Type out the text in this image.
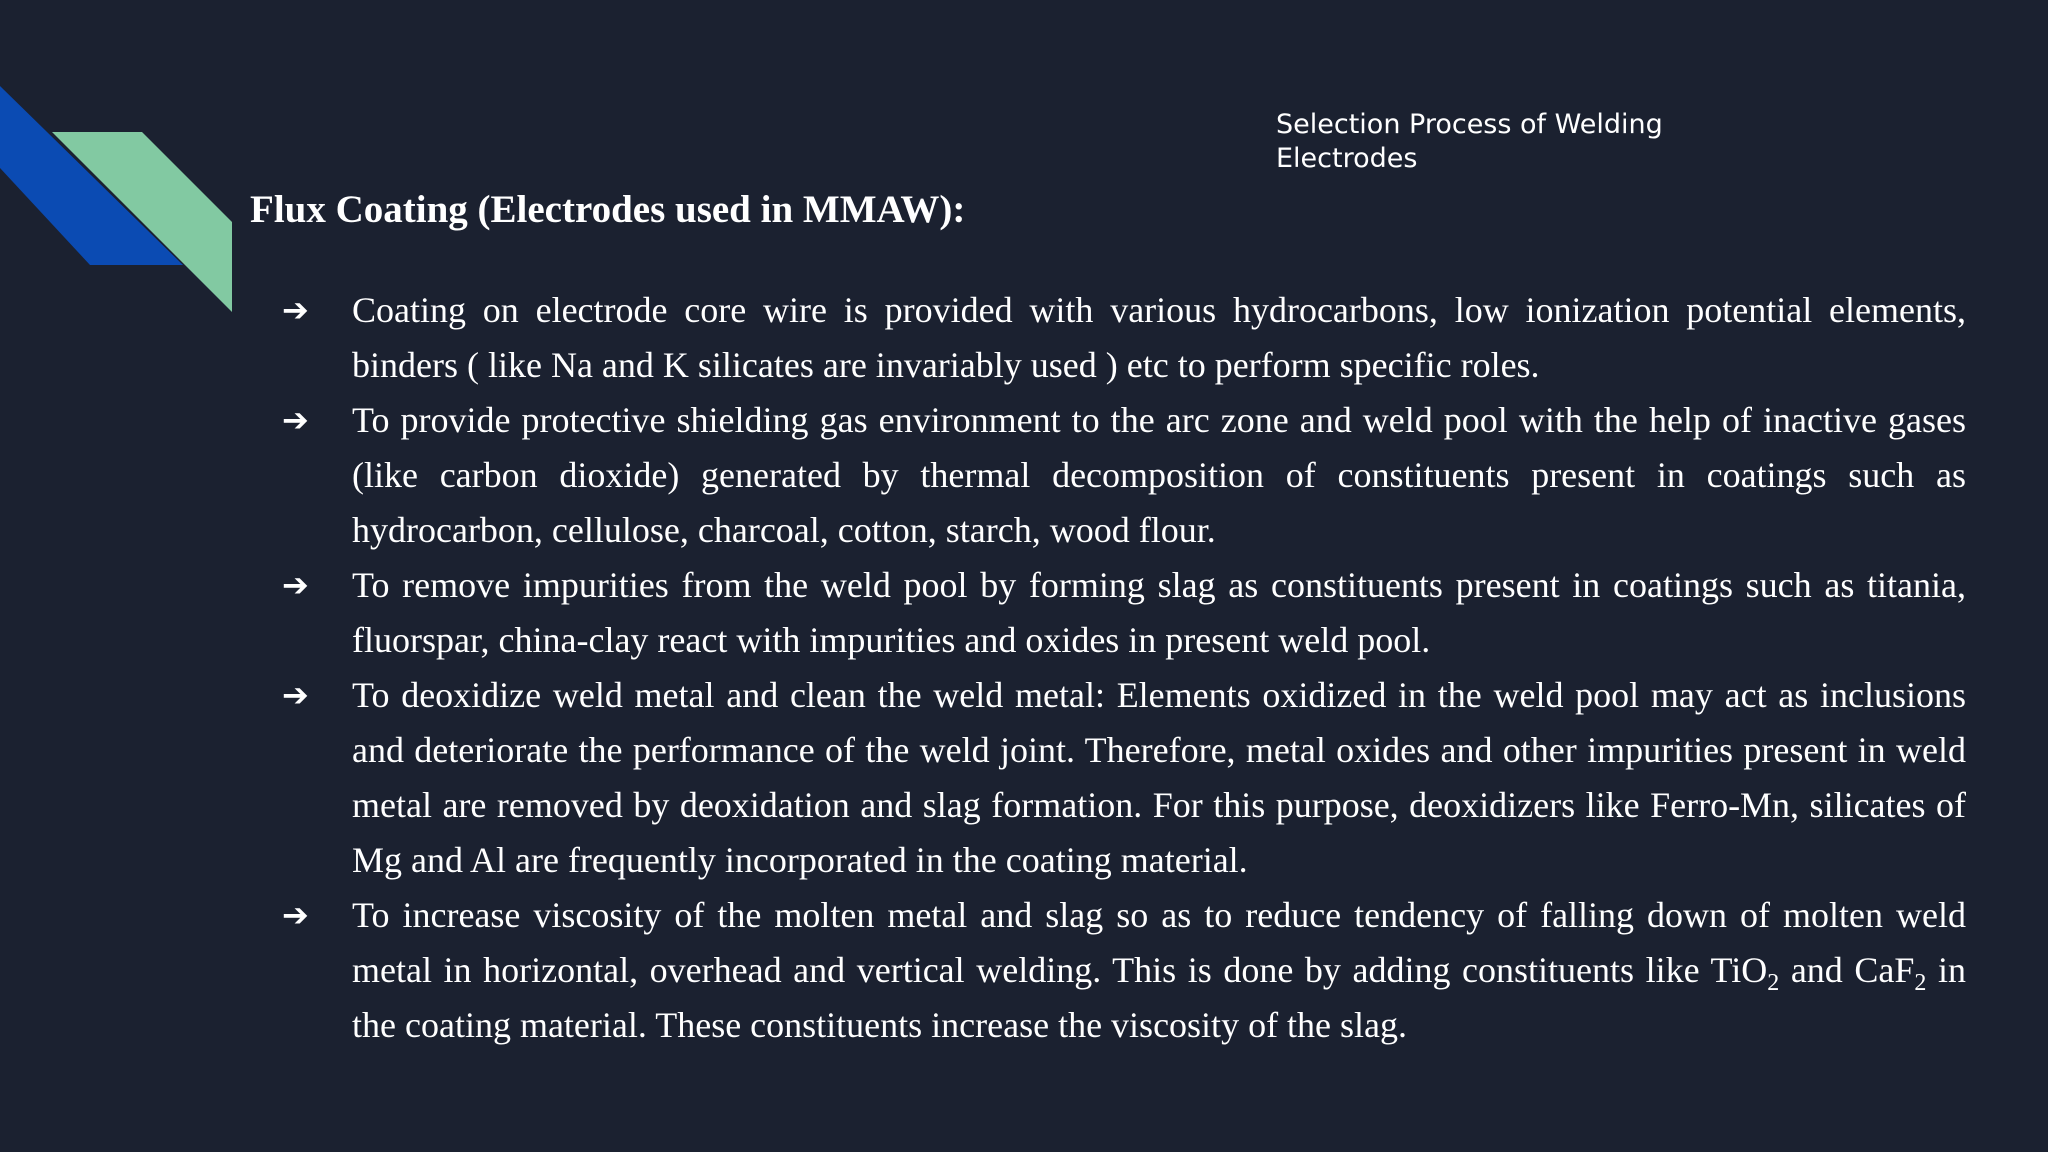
Selection Process of Welding Electrodes
Flux Coating (Electrodes used in MMAW):
➔ Coating on electrode core wire is provided with various hydrocarbons, low ionization potential elements, binders ( like Na and K silicates are invariably used ) etc to perform specific roles.
➔ To provide protective shielding gas environment to the arc zone and weld pool with the help of inactive gases (like carbon dioxide) generated by thermal decomposition of constituents present in coatings such as hydrocarbon, cellulose, charcoal, cotton, starch, wood flour.
➔ To remove impurities from the weld pool by forming slag as constituents present in coatings such as titania, fluorspar, china-clay react with impurities and oxides in present weld pool.
➔ To deoxidize weld metal and clean the weld metal: Elements oxidized in the weld pool may act as inclusions and deteriorate the performance of the weld joint. Therefore, metal oxides and other impurities present in weld metal are removed by deoxidation and slag formation. For this purpose, deoxidizers like Ferro-Mn, silicates of Mg and Al are frequently incorporated in the coating material.
➔ To increase viscosity of the molten metal and slag so as to reduce tendency of falling down of molten weld metal in horizontal, overhead and vertical welding. This is done by adding constituents like TiO$_2$ and CaF$_2$ in the coating material. These constituents increase the viscosity of the slag.
